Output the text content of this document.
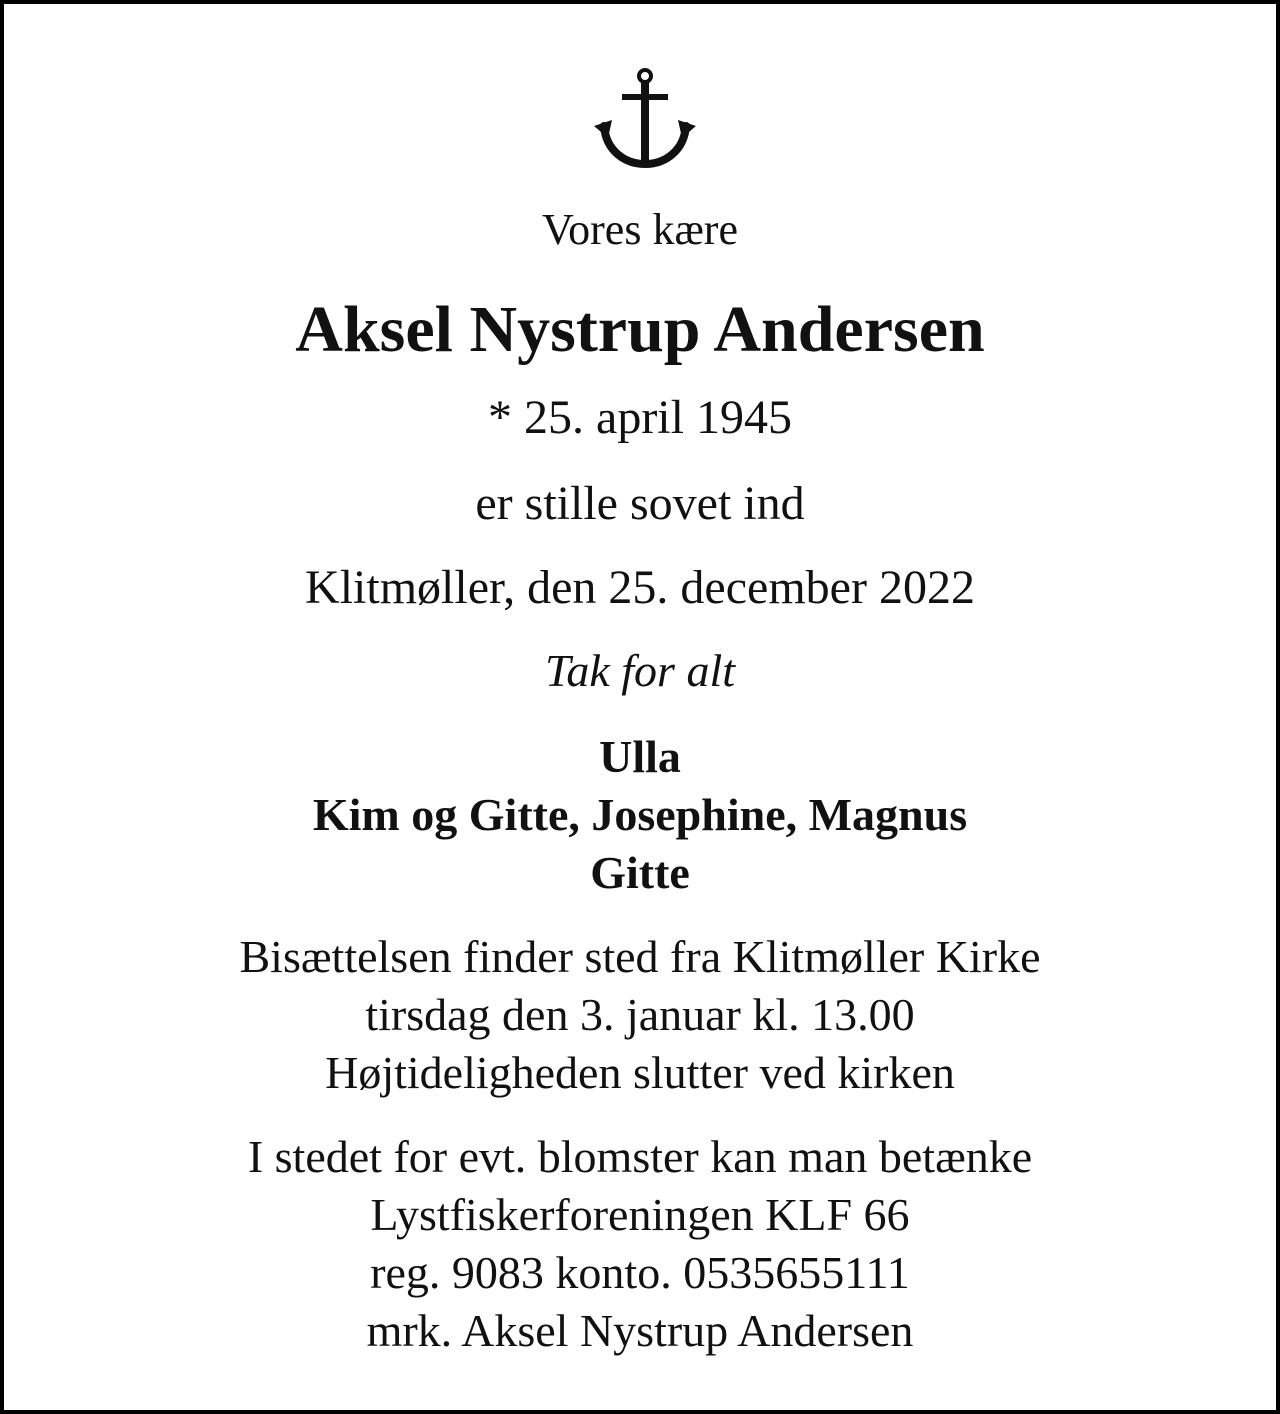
Vores kære

Aksel Nystrup Andersen

* 25. april 1945

er stille sovet ind

Klitmøller, den 25. december 2022

Tak for alt

Ulla
Kim og Gitte, Josephine, Magnus
Gitte
Bisættelsen finder sted fra Klitmøller Kirke
tirsdag den 3. januar kl. 13.00
Højtideligheden slutter ved kirken
I stedet for evt. blomster kan man betænke
Lystfiskerforeningen KLF 66
reg. 9083 konto. 0535655111
mrk. Aksel Nystrup Andersen
